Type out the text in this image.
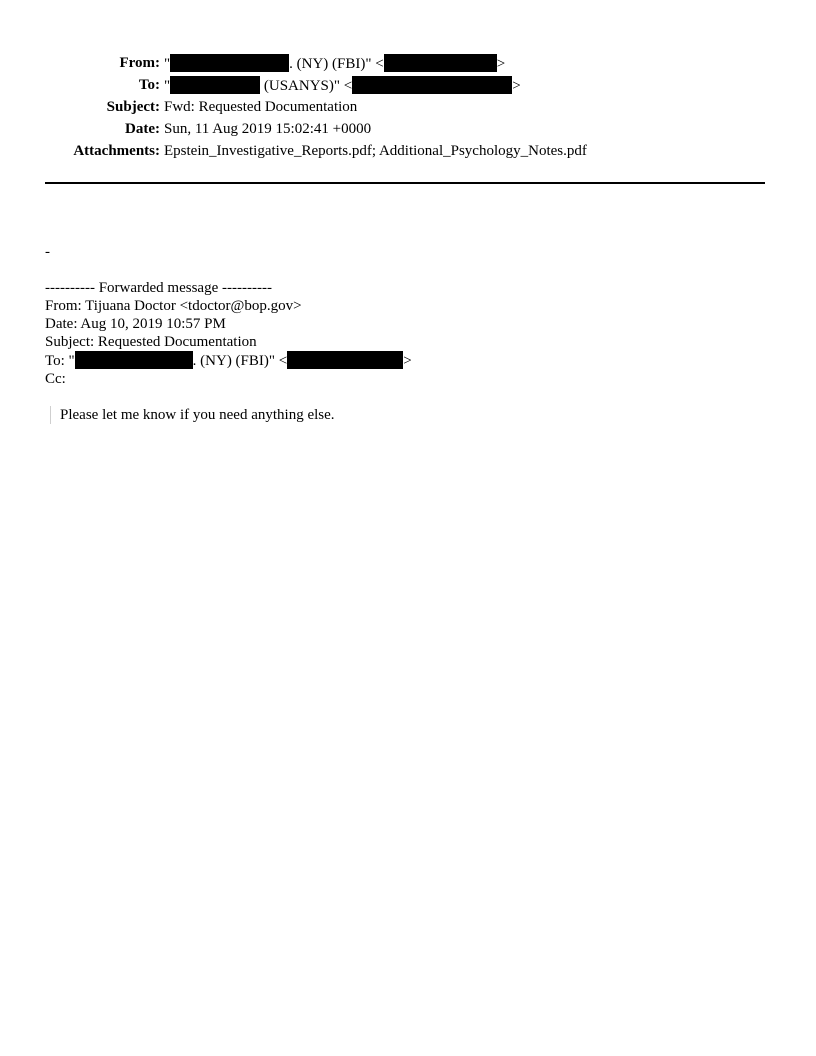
From: "	. (NY) (FBI)" <	>
To: "	(USANYS)" <	>
Subject: Fwd: Requested Documentation
Date: Sun, 11 Aug 2019 15:02:41 +0000
Attachments: Epstein_Investigative_Reports.pdf; Additional_Psychology_Notes.pdf
-
---------- Forwarded message ----------
From: Tijuana Doctor <tdoctor@bop.gov>
Date: Aug 10, 2019 10:57 PM
Subject: Requested Documentation
To: "	. (NY) (FBI)" <	>
Cc:
Please let me know if you need anything else.
